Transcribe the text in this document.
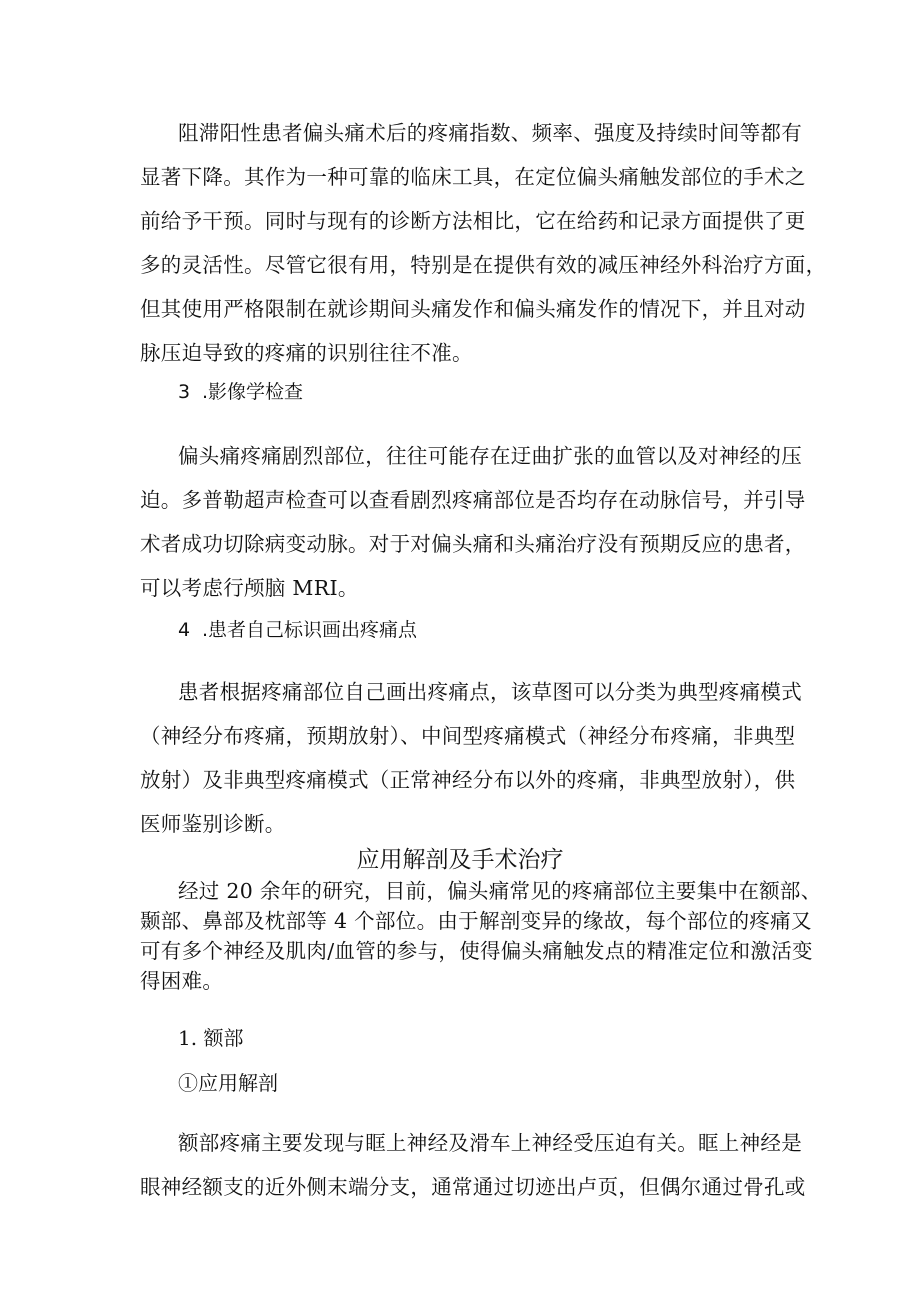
阻滞阳性患者偏头痛术后的疼痛指数、频率、强度及持续时间等都有
显著下降。其作为一种可靠的临床工具，在定位偏头痛触发部位的手术之
前给予干预。同时与现有的诊断方法相比，它在给药和记录方面提供了更
多的灵活性。尽管它很有用，特别是在提供有效的减压神经外科治疗方面，
但其使用严格限制在就诊期间头痛发作和偏头痛发作的情况下，并且对动
脉压迫导致的疼痛的识别往往不准。
3 .影像学检查
偏头痛疼痛剧烈部位，往往可能存在迂曲扩张的血管以及对神经的压
迫。多普勒超声检查可以查看剧烈疼痛部位是否均存在动脉信号，并引导
术者成功切除病变动脉。对于对偏头痛和头痛治疗没有预期反应的患者，
可以考虑行颅脑 MRI。
4 .患者自己标识画出疼痛点
患者根据疼痛部位自己画出疼痛点，该草图可以分类为典型疼痛模式
（神经分布疼痛，预期放射）、中间型疼痛模式（神经分布疼痛，非典型
放射）及非典型疼痛模式（正常神经分布以外的疼痛，非典型放射），供
医师鉴别诊断。
应用解剖及手术治疗
经过 20 余年的研究，目前，偏头痛常见的疼痛部位主要集中在额部、
颞部、鼻部及枕部等 4 个部位。由于解剖变异的缘故，每个部位的疼痛又
可有多个神经及肌肉/血管的参与，使得偏头痛触发点的精准定位和激活变
得困难。
1. 额部
①应用解剖
额部疼痛主要发现与眶上神经及滑车上神经受压迫有关。眶上神经是
眼神经额支的近外侧末端分支，通常通过切迹出卢页，但偶尔通过骨孔或
